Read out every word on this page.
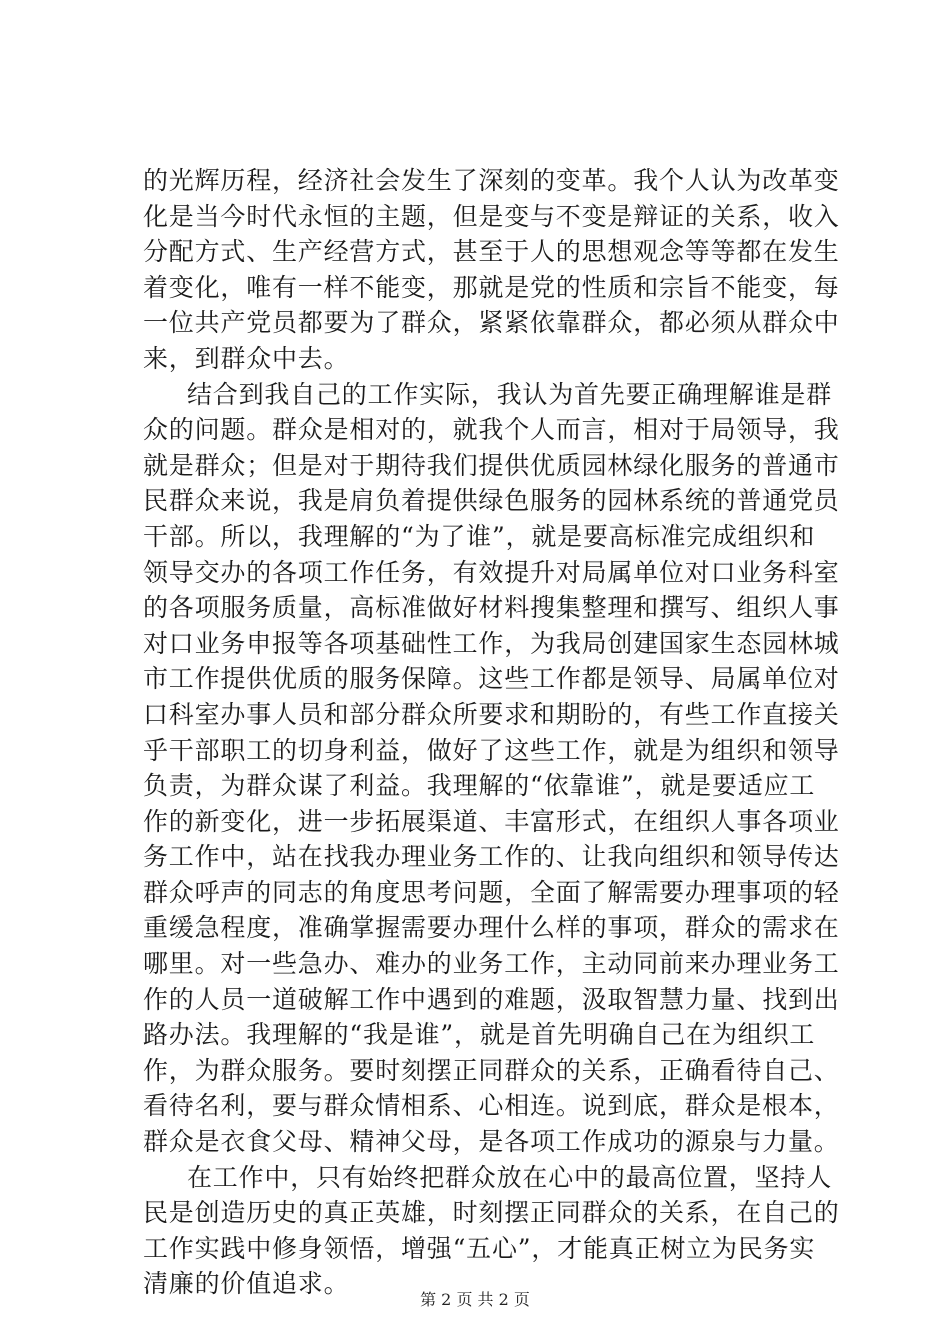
的光辉历程，经济社会发生了深刻的变革。我个人认为改革变
化是当今时代永恒的主题，但是变与不变是辩证的关系，收入
分配方式、生产经营方式，甚至于人的思想观念等等都在发生
着变化，唯有一样不能变，那就是党的性质和宗旨不能变，每
一位共产党员都要为了群众，紧紧依靠群众，都必须从群众中
来，到群众中去。
结合到我自己的工作实际，我认为首先要正确理解谁是群
众的问题。群众是相对的，就我个人而言，相对于局领导，我
就是群众；但是对于期待我们提供优质园林绿化服务的普通市
民群众来说，我是肩负着提供绿色服务的园林系统的普通党员
干部。所以，我理解的“为了谁”，就是要高标准完成组织和
领导交办的各项工作任务，有效提升对局属单位对口业务科室
的各项服务质量，高标准做好材料搜集整理和撰写、组织人事
对口业务申报等各项基础性工作，为我局创建国家生态园林城
市工作提供优质的服务保障。这些工作都是领导、局属单位对
口科室办事人员和部分群众所要求和期盼的，有些工作直接关
乎干部职工的切身利益，做好了这些工作，就是为组织和领导
负责，为群众谋了利益。我理解的“依靠谁”，就是要适应工
作的新变化，进一步拓展渠道、丰富形式，在组织人事各项业
务工作中，站在找我办理业务工作的、让我向组织和领导传达
群众呼声的同志的角度思考问题，全面了解需要办理事项的轻
重缓急程度，准确掌握需要办理什么样的事项，群众的需求在
哪里。对一些急办、难办的业务工作，主动同前来办理业务工
作的人员一道破解工作中遇到的难题，汲取智慧力量、找到出
路办法。我理解的“我是谁”，就是首先明确自己在为组织工
作，为群众服务。要时刻摆正同群众的关系，正确看待自己、
看待名利，要与群众情相系、心相连。说到底，群众是根本，
群众是衣食父母、精神父母，是各项工作成功的源泉与力量。
在工作中，只有始终把群众放在心中的最高位置，坚持人
民是创造历史的真正英雄，时刻摆正同群众的关系，在自己的
工作实践中修身领悟，增强“五心”，才能真正树立为民务实
清廉的价值追求。
第 2 页 共 2 页
